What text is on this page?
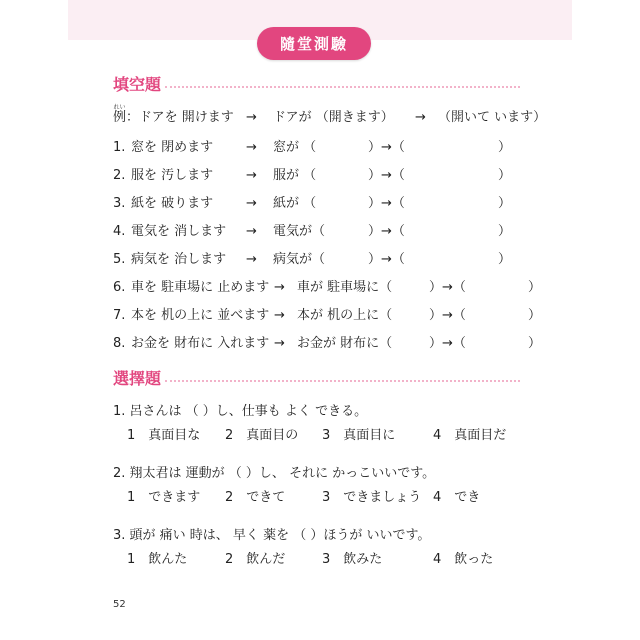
隨堂測驗
填空題
例れい： ドアを 開けます → ドアが （開きます） → （開いて います）
1. 窓を 閉めます	→ 窓が （	）→（	）
2. 服を 汚します	→ 服が （	）→（	）
3. 紙を 破ります	→ 紙が （	）→（	）
4. 電気を 消します → 電気が（	）→（	）
5. 病気を 治します → 病気が（	）→（	）
6. 車を 駐車場に 止めます → 車が 駐車場に（	）→（	）
7. 本を 机の上に 並べます → 本が 机の上に（	）→（	）
8. お金を 財布に 入れます → お金が 財布に（	）→（	）
選擇題
1. 呂さんは （ ）し、仕事も よく できる。
1　真面目な 2　真面目の 3　真面目に	4　真面目だ
2. 翔太君は 運動が （ ）し、 それに かっこいいです。
1　できます 2　できて	3　できましょう 4　でき
3. 頭が 痛い 時は、 早く 薬を （ ）ほうが いいです。
1　飲んた	2　飲んだ	3　飲みた	4　飲った
52
